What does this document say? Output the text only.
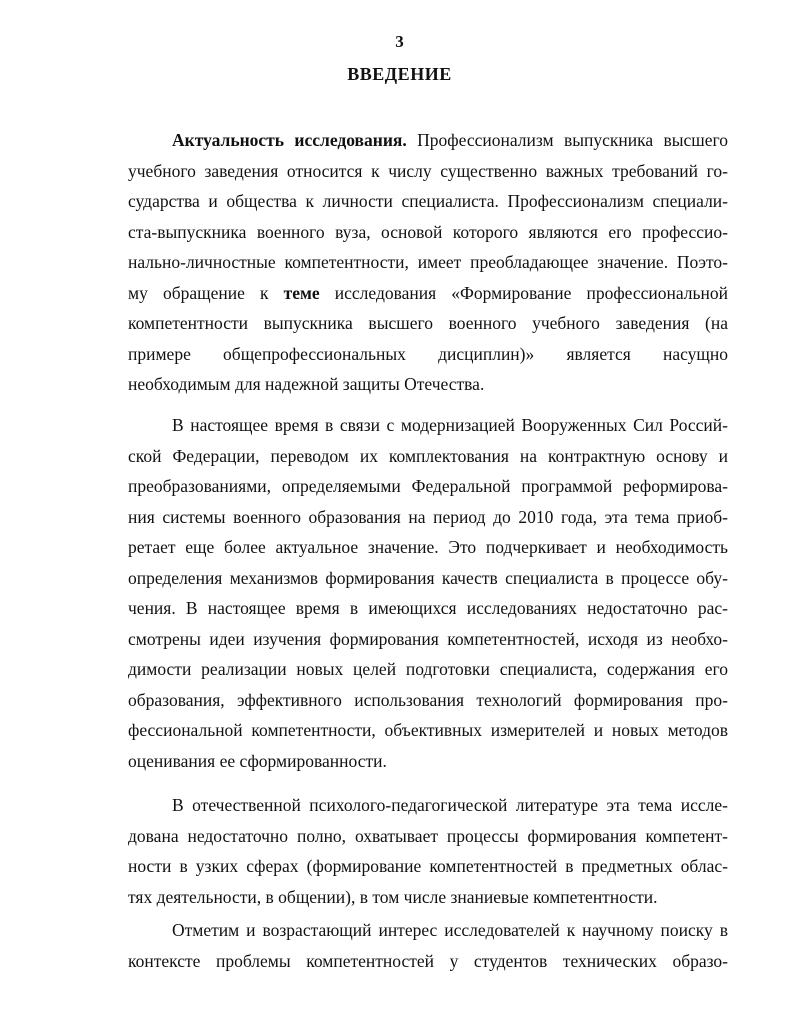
3
ВВЕДЕНИЕ

Актуальность исследования. Профессионализм выпускника высшего
учебного заведения относится к числу существенно важных требований го-
сударства и общества к личности специалиста. Профессионализм специали-
ста-выпускника военного вуза, основой которого являются его профессио-
нально-личностные компетентности, имеет преобладающее значение. Поэто-
му обращение к теме исследования «Формирование профессиональной
компетентности выпускника высшего военного учебного заведения (на
примере общепрофессиональных дисциплин)» является насущно
необходимым для надежной защиты Отечества.

В настоящее время в связи с модернизацией Вооруженных Сил Россий-
ской Федерации, переводом их комплектования на контрактную основу и
преобразованиями, определяемыми Федеральной программой реформирова-
ния системы военного образования на период до 2010 года, эта тема приоб-
ретает еще более актуальное значение. Это подчеркивает и необходимость
определения механизмов формирования качеств специалиста в процессе обу-
чения. В настоящее время в имеющихся исследованиях недостаточно рас-
смотрены идеи изучения формирования компетентностей, исходя из необхо-
димости реализации новых целей подготовки специалиста, содержания его
образования, эффективного использования технологий формирования про-
фессиональной компетентности, объективных измерителей и новых методов
оценивания ее сформированности.

В отечественной психолого-педагогической литературе эта тема иссле-
дована недостаточно полно, охватывает процессы формирования компетент-
ности в узких сферах (формирование компетентностей в предметных облас-
тях деятельности, в общении), в том числе знаниевые компетентности.

Отметим и возрастающий интерес исследователей к научному поиску в
контексте проблемы компетентностей у студентов технических образо-
